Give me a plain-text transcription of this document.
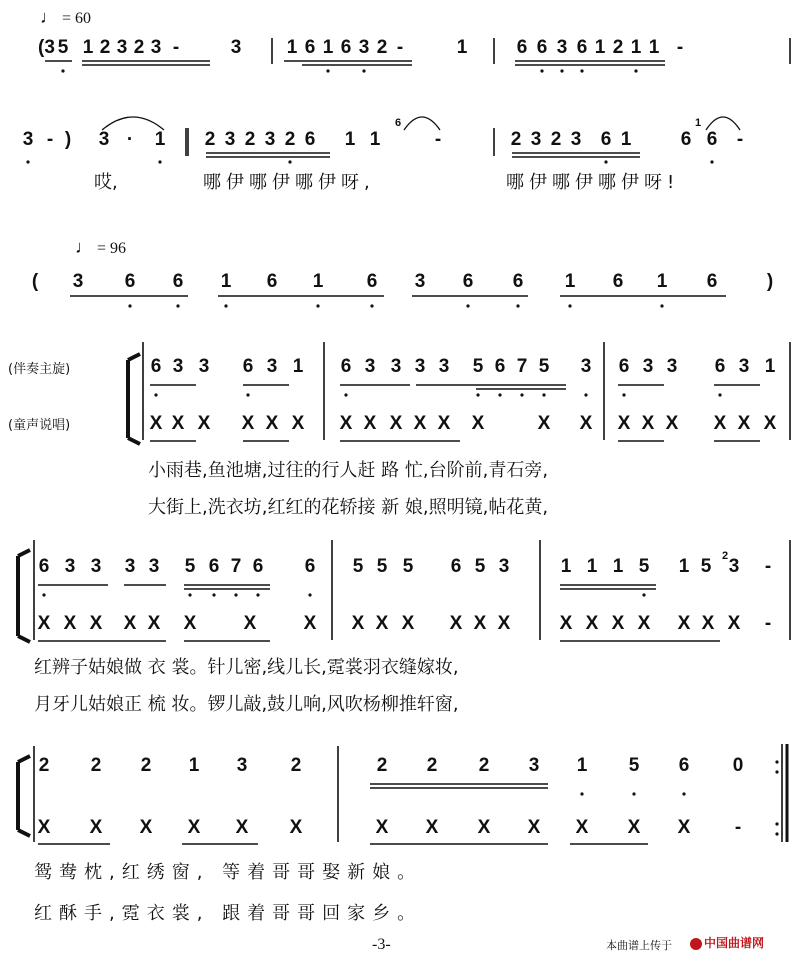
(3 5 1 2 3 2 3 -	3 1 6 1 6 3 2 -	1	6 6 3 6 1 2 1 1 -
3 - ) 3 · 1 2 3 2 3 2 6 1 1	-	2 3 2 3 6 1	6 6 -
6	1
( 3 6 6 1 6 1 6 3 6 6 1 6 1 6	)
6 3 3 6 3 1 6 3 3 3 3 5 6 7 5 3 6 3 3 6 3 1
X X X X X X X X X X X X	X X X X X X X X
6 3 3 3 3 5 6 7 6 6 5 5 5 6 5 3	1 1 1 5 1 5 3 -
X X X X X X X X X X X X X X	X X X X X X X -
2
2 2 2 1 3 2	2 2 2 3 1 5 6 0
X X X X X X	X X X X X X X -
♩ = 60
♩ = 96
(伴奏主旋)
(童声说唱)
哎,	哪伊哪伊哪伊呀,	哪伊哪伊哪伊呀!
小雨巷,鱼池塘,过往的行人赶 路 忙,台阶前,青石旁,
大街上,洗衣坊,红红的花轿接 新 娘,照明镜,帖花黄,
红辨子姑娘做 衣 裳。针儿密,线儿长,霓裳羽衣缝嫁妆,
月牙儿姑娘正 梳 妆。锣儿敲,鼓儿响,风吹杨柳推轩窗,
鸳鸯枕,红绣窗, 等着哥哥娶新娘。
红酥手,霓衣裳, 跟着哥哥回家乡。
-3-	本曲谱上传于	中国曲谱网
